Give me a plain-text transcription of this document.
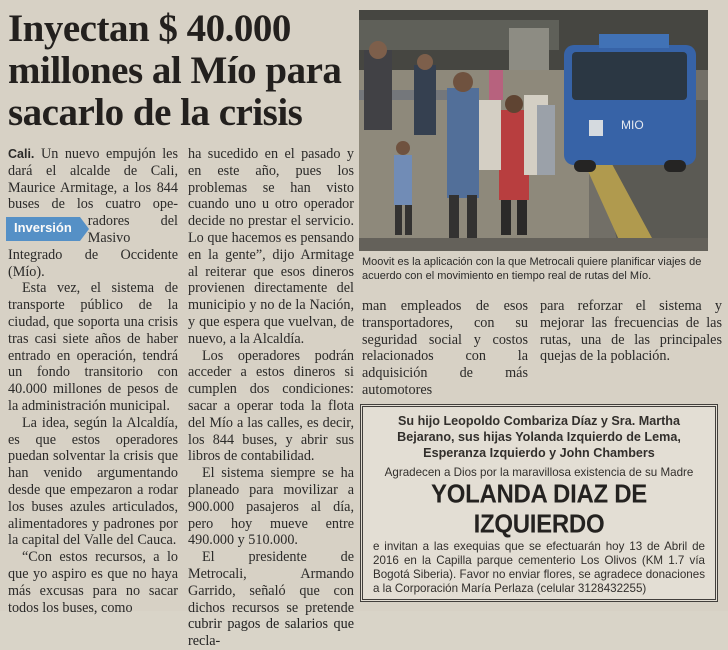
Inyectan $ 40.000
millones al Mío para
sacarlo de la crisis

Cali. Un nuevo empujón les dará el alcalde de Cali, Maurice Armitage, a los 844 buses de los cuatro ope-
Inversión	radores del Masivo Integrado de Occidente (Mío).

Esta vez, el sistema de transporte público de la ciudad, que soporta una crisis tras casi siete años de haber entrado en operación, tendrá un fondo transitorio con 40.000 millones de pesos de la administración municipal.

La idea, según la Alcaldía, es que estos operadores puedan solventar la crisis que han venido argumentando desde que empezaron a rodar los buses azules articulados, alimentadores y padrones por la capital del Valle del Cauca.

“Con estos recursos, a lo que yo aspiro es que no haya más excusas para no sacar todos los buses, como

ha sucedido en el pasado y en este año, pues los problemas se han visto cuando uno u otro operador decide no prestar el servicio. Lo que hacemos es pensando en la gente”, dijo Armitage al reiterar que esos dineros provienen directamente del municipio y no de la Nación, y que espera que vuelvan, de nuevo, a la Alcaldía.

Los operadores podrán acceder a estos dineros si cumplen dos condiciones: sacar a operar toda la flota del Mío a las calles, es decir, los 844 buses, y abrir sus libros de contabilidad.

El sistema siempre se ha planeado para movilizar a 900.000 pasajeros al día, pero hoy mueve entre 490.000 y 510.000.

El presidente de Metrocali, Armando Garrido, señaló que con dichos recursos se pretende cubrir pagos de salarios que recla-

MIO
Moovit es la aplicación con la que Metrocali quiere planificar viajes de acuerdo con el movimiento en tiempo real de rutas del Mío.

man empleados de esos transportadores, con su seguridad social y costos relacionados con la adquisición de más automotores

para reforzar el sistema y mejorar las frecuencias de las rutas, una de las principales quejas de la población.

Su hijo Leopoldo Combariza Díaz y Sra. Martha Bejarano, sus hijas Yolanda Izquierdo de Lema, Esperanza Izquierdo y John Chambers
Agradecen a Dios por la maravillosa existencia de su Madre
YOLANDA DIAZ DE IZQUIERDO
e invitan a las exequias que se efectuarán hoy 13 de Abril de 2016 en la Capilla parque cementerio Los Olivos (KM 1.7 vía Bogotá Siberia). Favor no enviar flores, se agradece donaciones a la Corporación María Perlaza (celular 3128432255)
